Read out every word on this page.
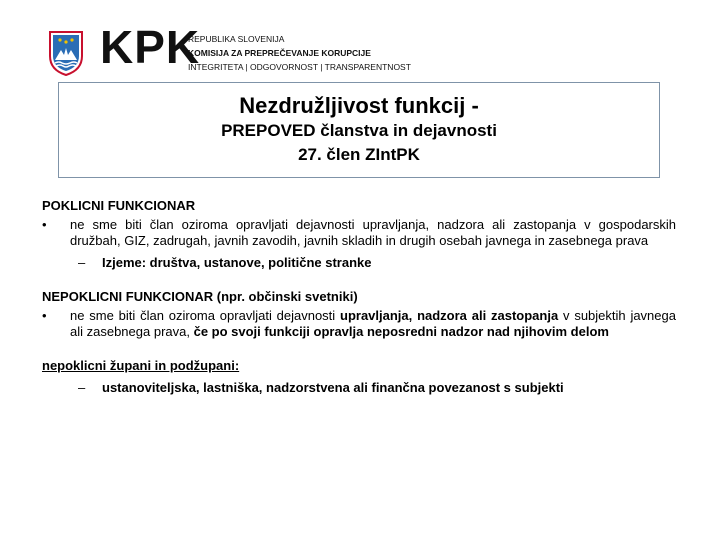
KPK
REPUBLIKA SLOVENIJA
KOMISIJA ZA PREPREČEVANJE KORUPCIJE
INTEGRITETA | ODGOVORNOST | TRANSPARENTNOST
Nezdružljivost funkcij -
PREPOVED članstva in dejavnosti
27. člen ZIntPK

POKLICNI FUNKCIONAR

• ne sme biti član oziroma opravljati dejavnosti upravljanja, nadzora ali zastopanja v gospodarskih družbah, GIZ, zadrugah, javnih zavodih, javnih skladih in drugih osebah javnega in zasebnega prava
– Izjeme: društva, ustanove, politične stranke

NEPOKLICNI FUNKCIONAR (npr. občinski svetniki)

• ne sme biti član oziroma opravljati dejavnosti upravljanja, nadzora ali zastopanja v subjektih javnega ali zasebnega prava, če po svoji funkciji opravlja neposredni nadzor nad njihovim delom

nepoklicni župani in podžupani:

– ustanoviteljska, lastniška, nadzorstvena ali finančna povezanost s subjekti
